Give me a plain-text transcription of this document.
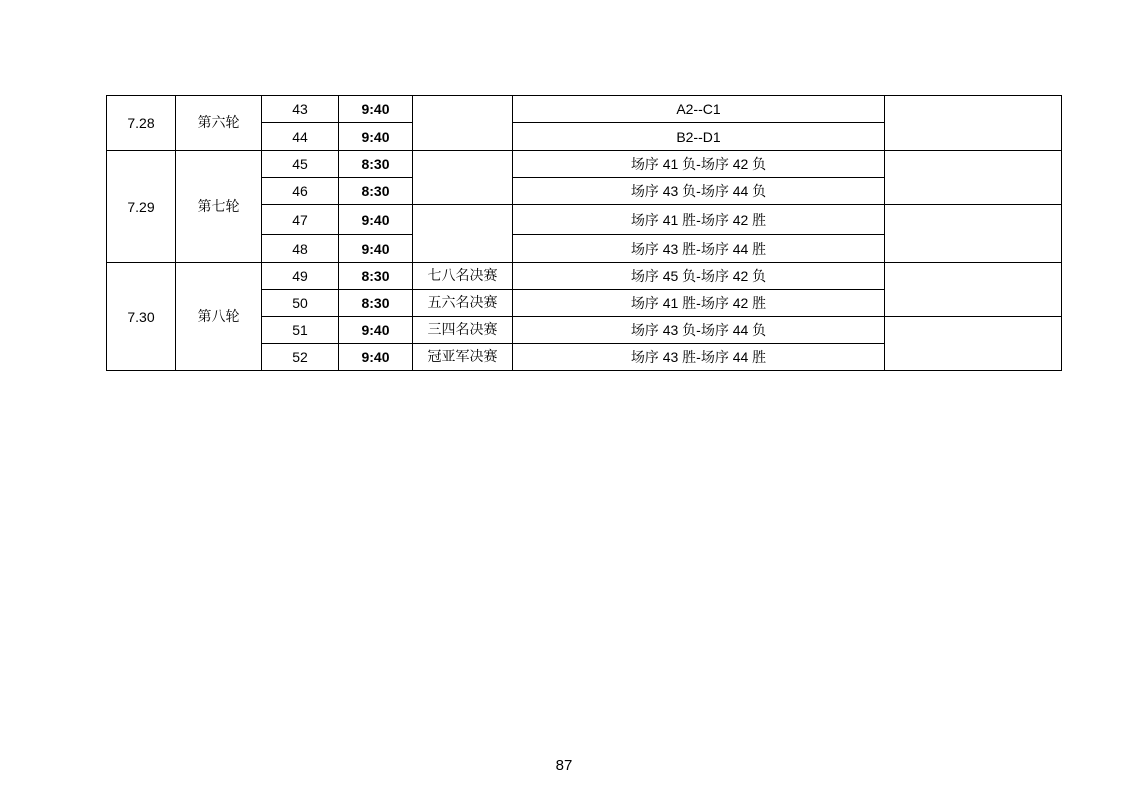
7.28	第六轮	43	9:40		A2--C1	
		44	9:40		B2--D1	
7.29	第七轮	45	8:30		场序 41 负-场序 42 负	
		46	8:30		场序 43 负-场序 44 负	
		47	9:40		场序 41 胜-场序 42 胜	
		48	9:40		场序 43 胜-场序 44 胜	
7.30	第八轮	49	8:30	七八名决赛	场序 45 负-场序 42 负	
		50	8:30	五六名决赛	场序 41 胜-场序 42 胜	
		51	9:40	三四名决赛	场序 43 负-场序 44 负	
		52	9:40	冠亚军决赛	场序 43 胜-场序 44 胜	
87
